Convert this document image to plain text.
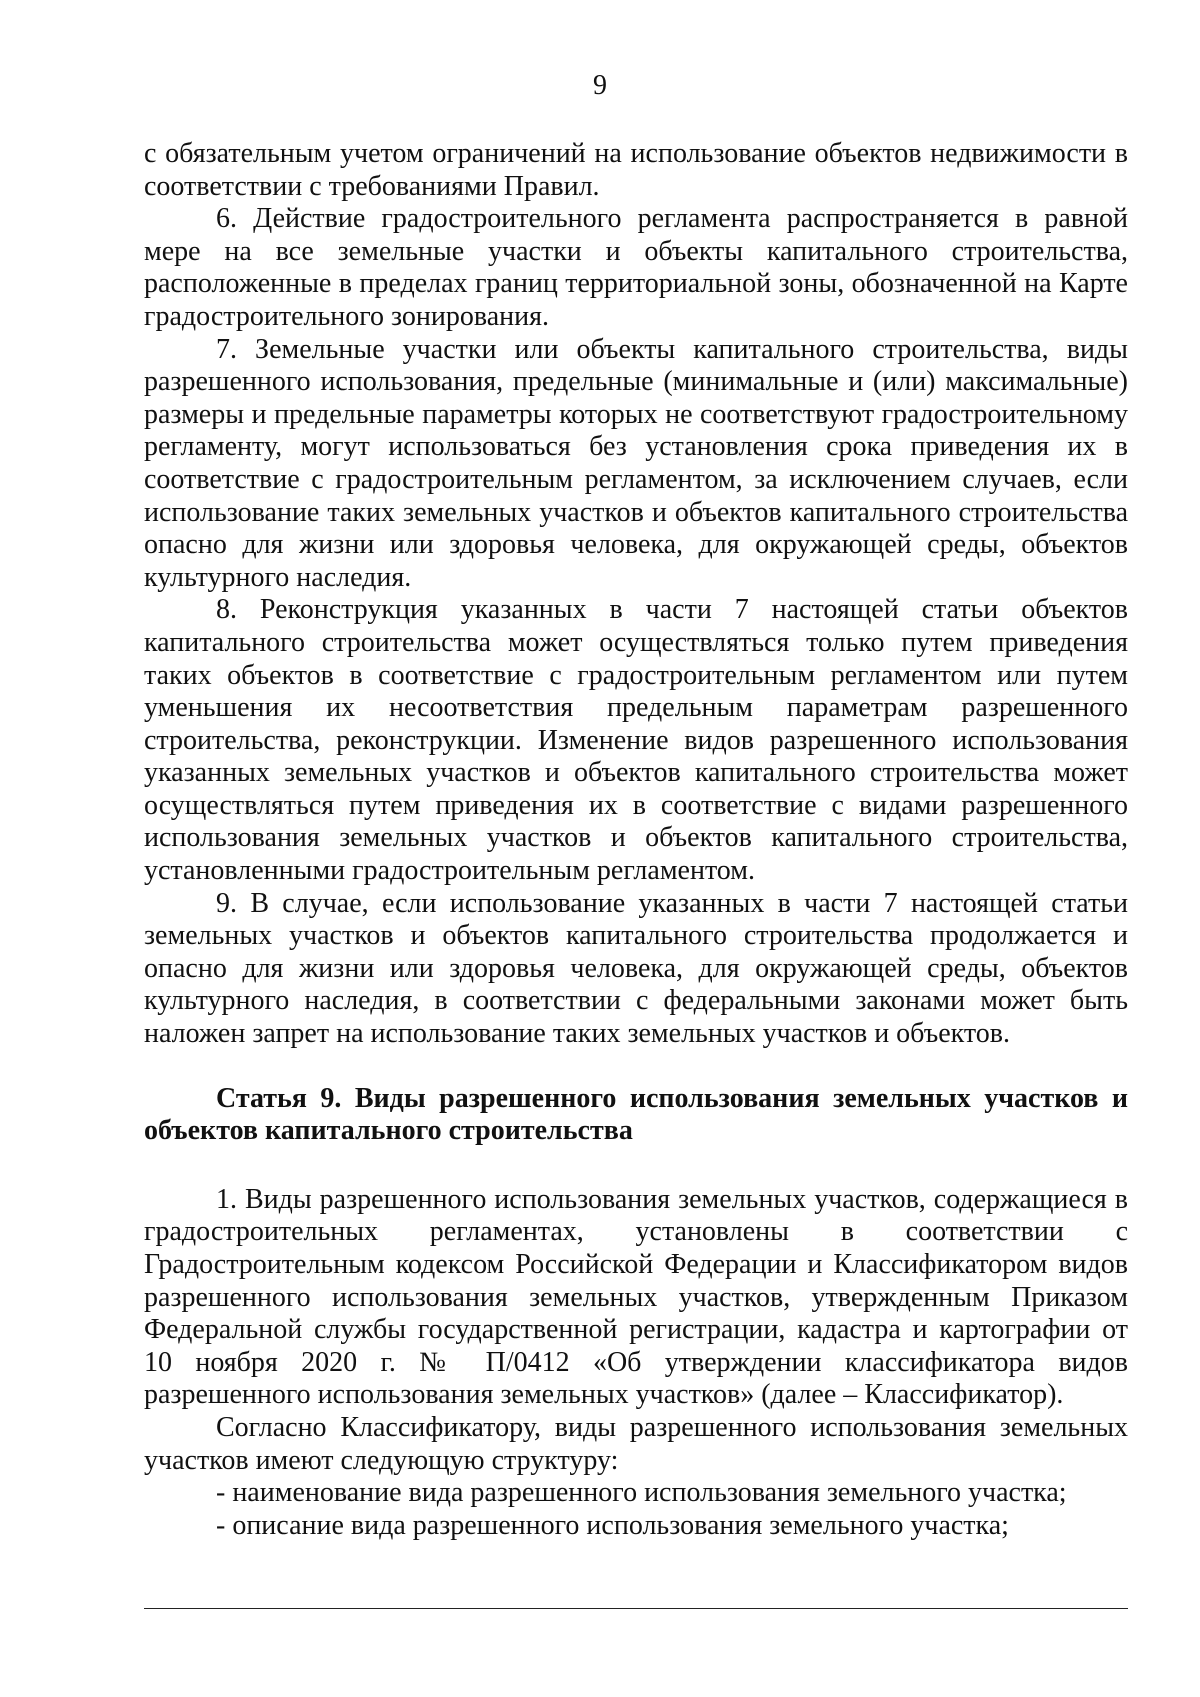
9

с обязательным учетом ограничений на использование объектов недвижимости в соответствии с требованиями Правил.

6. Действие градостроительного регламента распространяется в равной мере на все земельные участки и объекты капитального строительства, расположенные в пределах границ территориальной зоны, обозначенной на Карте градостроительного зонирования.

7. Земельные участки или объекты капитального строительства, виды разрешенного использования, предельные (минимальные и (или) максимальные) размеры и предельные параметры которых не соответствуют градостроительному регламенту, могут использоваться без установления срока приведения их в соответствие с градостроительным регламентом, за исключением случаев, если использование таких земельных участков и объектов капитального строительства опасно для жизни или здоровья человека, для окружающей среды, объектов культурного наследия.

8. Реконструкция указанных в части 7 настоящей статьи объектов капитального строительства может осуществляться только путем приведения таких объектов в соответствие с градостроительным регламентом или путем уменьшения их несоответствия предельным параметрам разрешенного строительства, реконструкции. Изменение видов разрешенного использования указанных земельных участков и объектов капитального строительства может осуществляться путем приведения их в соответствие с видами разрешенного использования земельных участков и объектов капитального строительства, установленными градостроительным регламентом.

9. В случае, если использование указанных в части 7 настоящей статьи земельных участков и объектов капитального строительства продолжается и опасно для жизни или здоровья человека, для окружающей среды, объектов культурного наследия, в соответствии с федеральными законами может быть наложен запрет на использование таких земельных участков и объектов.

Статья 9. Виды разрешенного использования земельных участков и объектов капитального строительства

1. Виды разрешенного использования земельных участков, содержащиеся в градостроительных регламентах, установлены в соответствии с Градостроительным кодексом Российской Федерации и Классификатором видов разрешенного использования земельных участков, утвержденным Приказом Федеральной службы государственной регистрации, кадастра и картографии от 10 ноября 2020 г. № П/0412 «Об утверждении классификатора видов разрешенного использования земельных участков» (далее – Классификатор).

Согласно Классификатору, виды разрешенного использования земельных участков имеют следующую структуру:

- наименование вида разрешенного использования земельного участка;

- описание вида разрешенного использования земельного участка;
